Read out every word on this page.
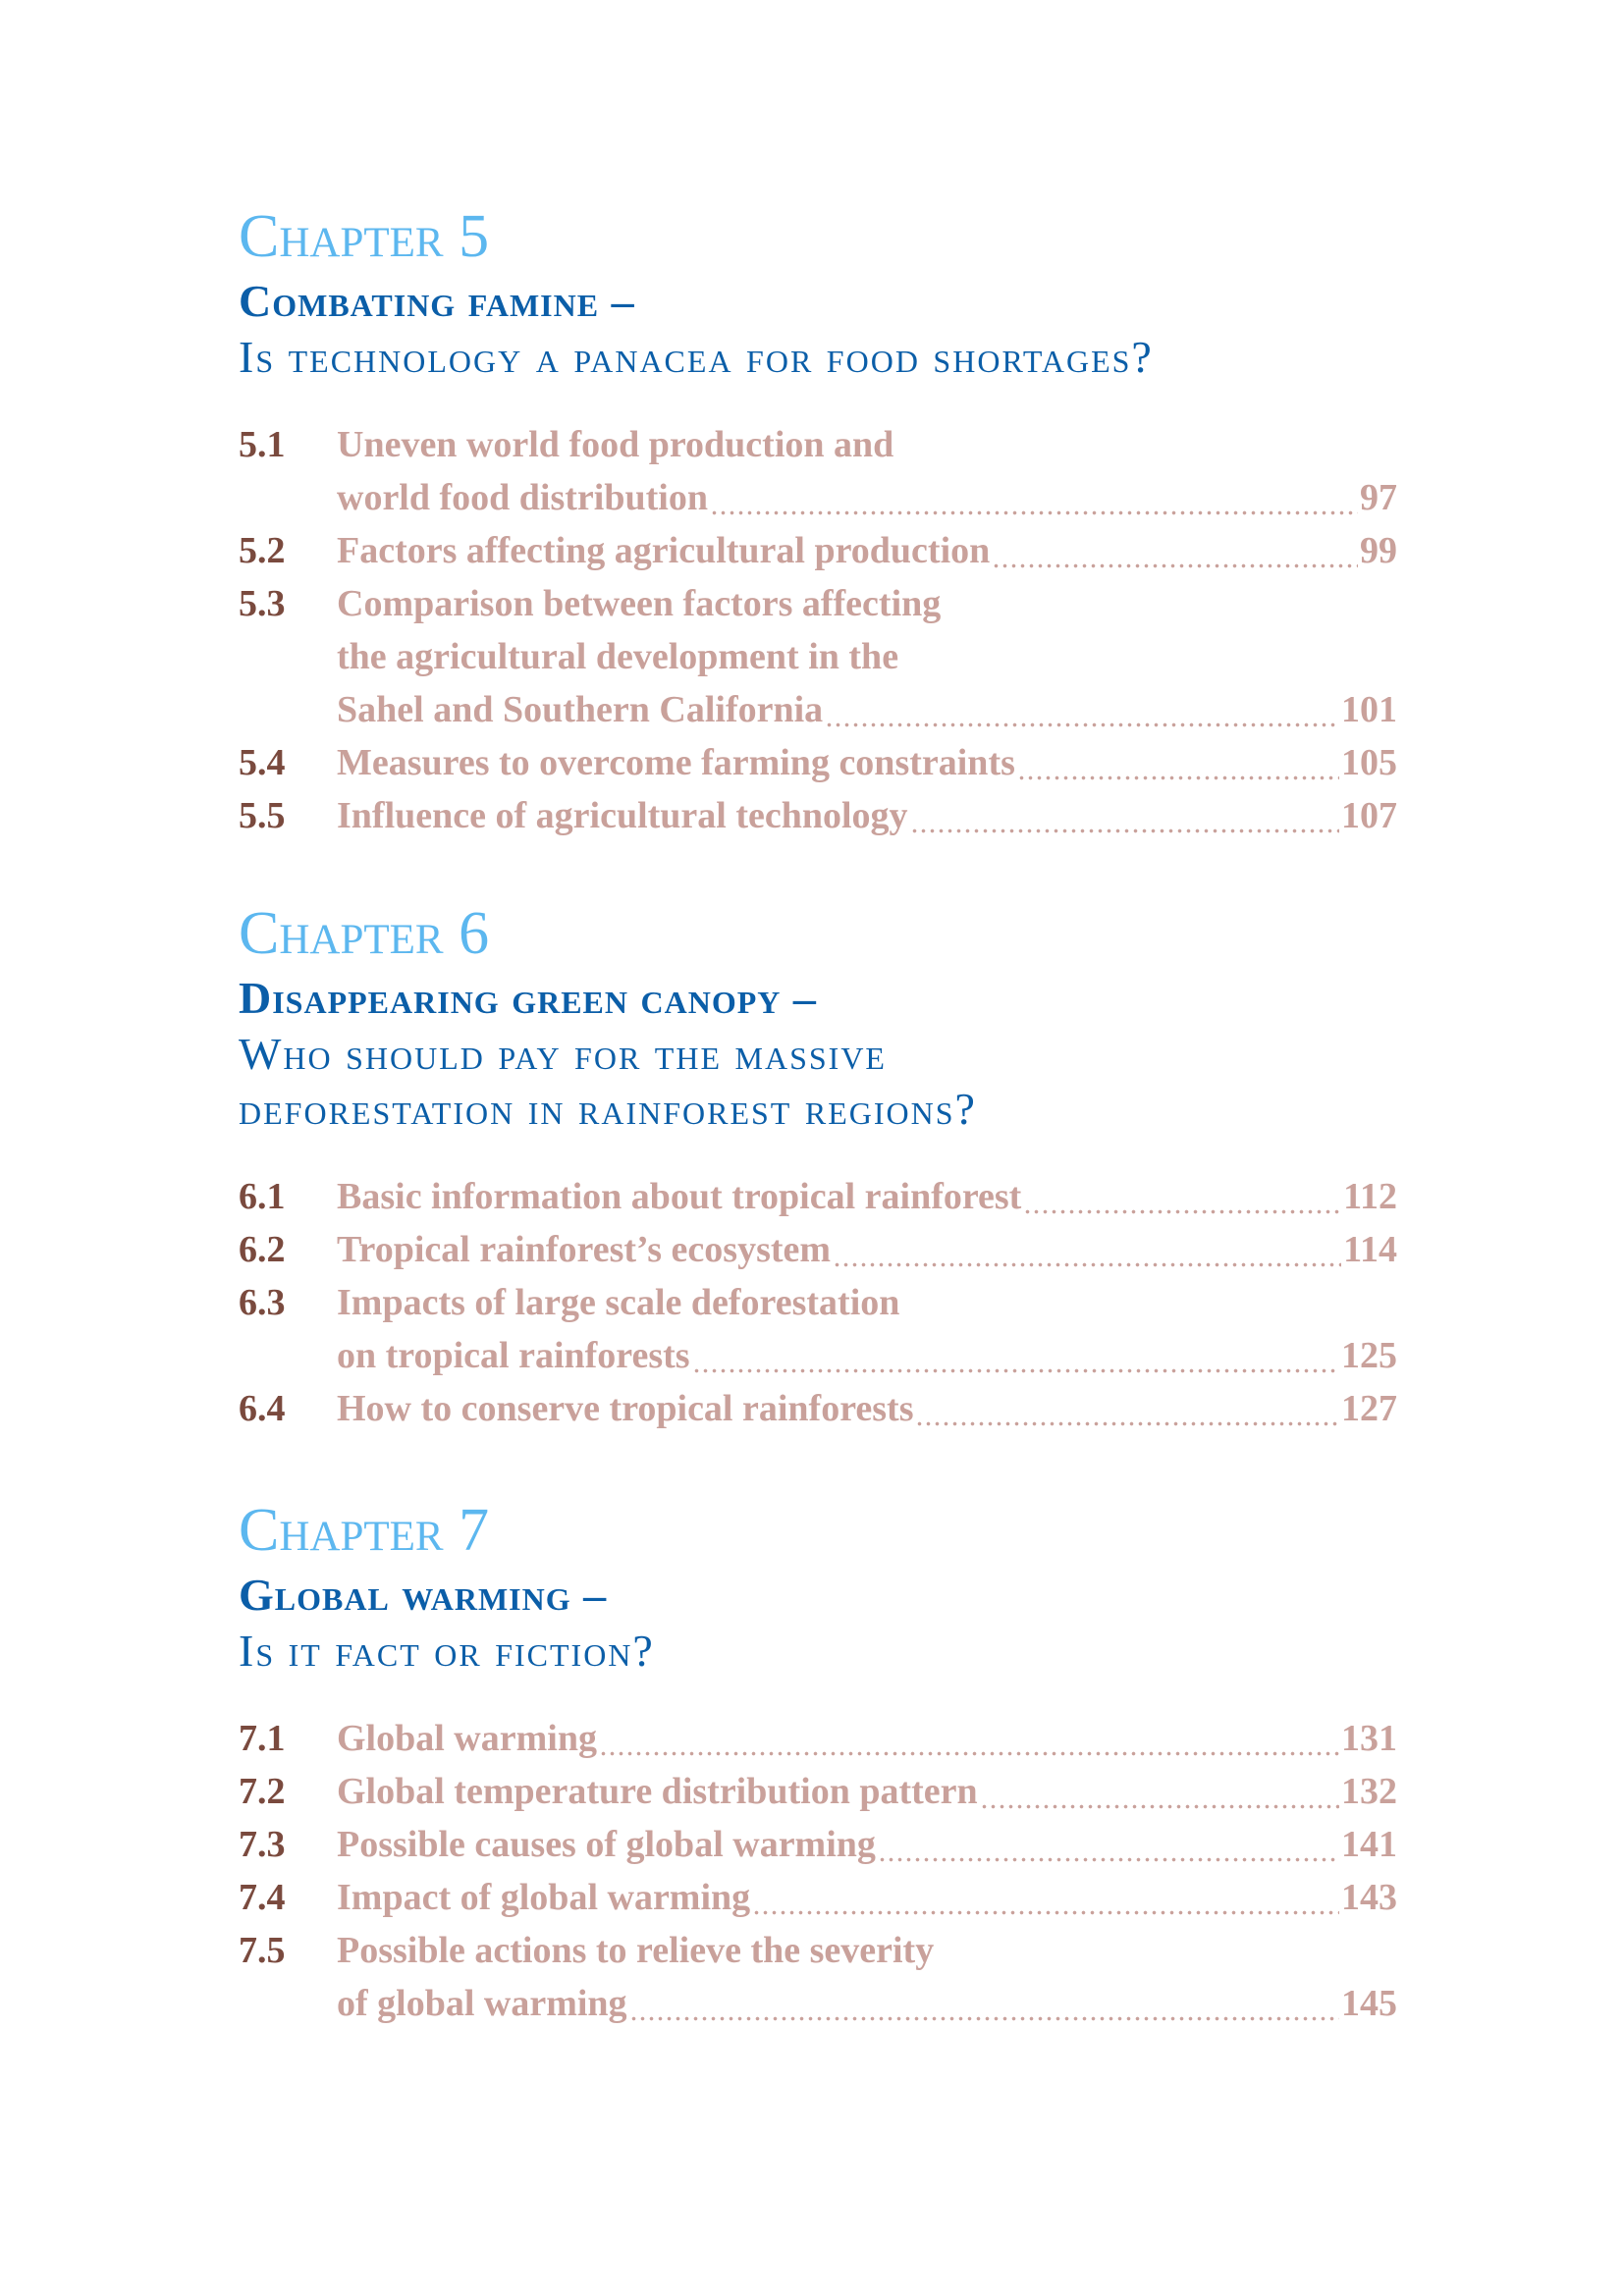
Chapter 5
Combating famine –
Is technology a panacea for food shortages?
5.1	Uneven world food production and
world food distribution	97
5.2	Factors affecting agricultural production	99
5.3	Comparison between factors affecting
the agricultural development in the
Sahel and Southern California	101
5.4	Measures to overcome farming constraints	105
5.5	Influence of agricultural technology	107
Chapter 6
Disappearing green canopy –
Who should pay for the massive
deforestation in rainforest regions?
6.1	Basic information about tropical rainforest	112
6.2	Tropical rainforest’s ecosystem	114
6.3	Impacts of large scale deforestation
on tropical rainforests	125
6.4	How to conserve tropical rainforests	127
Chapter 7
Global warming –
Is it fact or fiction?
7.1	Global warming	131
7.2	Global temperature distribution pattern	132
7.3	Possible causes of global warming	141
7.4	Impact of global warming	143
7.5	Possible actions to relieve the severity
of global warming	145
